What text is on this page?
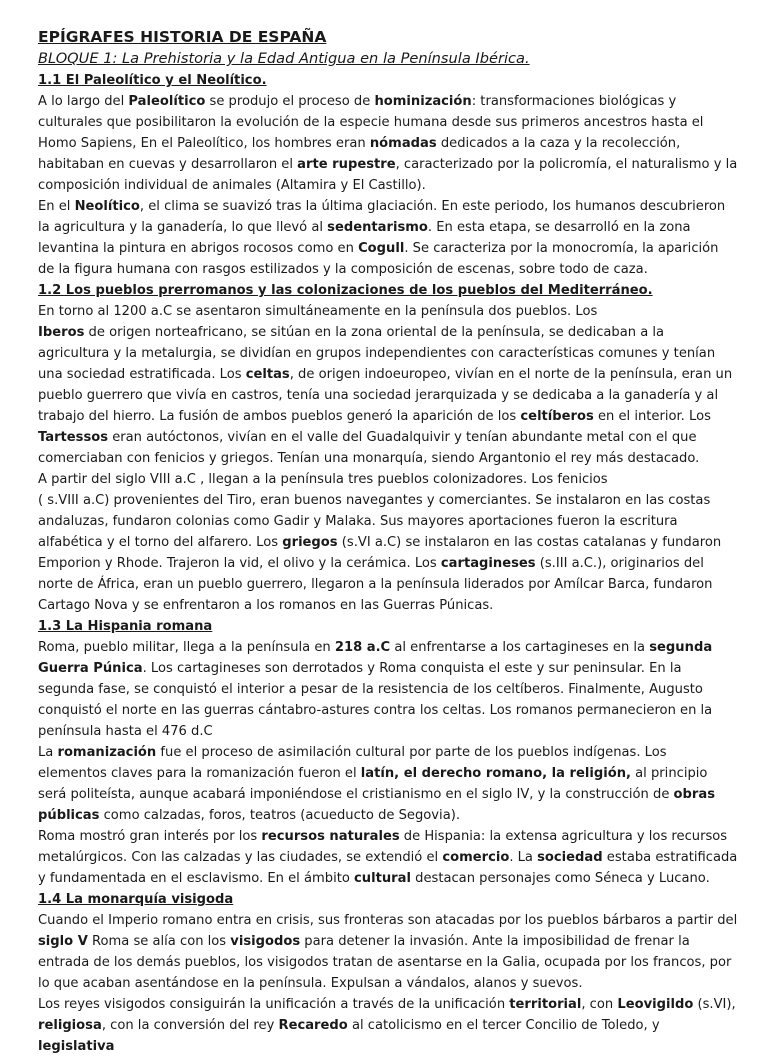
EPÍGRAFES HISTORIA DE ESPAÑA

BLOQUE 1: La Prehistoria y la Edad Antigua en la Península Ibérica.

1.1 El Paleolítico y el Neolítico.

A lo largo del Paleolítico se produjo el proceso de hominización: transformaciones biológicas y culturales que posibilitaron la evolución de la especie humana desde sus primeros ancestros hasta el Homo Sapiens, En el Paleolítico, los hombres eran nómadas dedicados a la caza y la recolección, habitaban en cuevas y desarrollaron el arte rupestre, caracterizado por la policromía, el naturalismo y la composición individual de animales (Altamira y El Castillo).

En el Neolítico, el clima se suavizó tras la última glaciación. En este periodo, los humanos descubrieron la agricultura y la ganadería, lo que llevó al sedentarismo. En esta etapa, se desarrolló en la zona levantina la pintura en abrigos rocosos como en Cogull. Se caracteriza por la monocromía, la aparición de la figura humana con rasgos estilizados y la composición de escenas, sobre todo de caza.

1.2 Los pueblos prerromanos y las colonizaciones de los pueblos del Mediterráneo.

En torno al 1200 a.C se asentaron simultáneamente en la península dos pueblos. Los

Iberos de origen norteafricano, se sitúan en la zona oriental de la península, se dedicaban a la agricultura y la metalurgia, se dividían en grupos independientes con características comunes y tenían una sociedad estratificada. Los celtas, de origen indoeuropeo, vivían en el norte de la península, eran un pueblo guerrero que vivía en castros, tenía una sociedad jerarquizada y se dedicaba a la ganadería y al trabajo del hierro. La fusión de ambos pueblos generó la aparición de los celtíberos en el interior. Los Tartessos eran autóctonos, vivían en el valle del Guadalquivir y tenían abundante metal con el que comerciaban con fenicios y griegos. Tenían una monarquía, siendo Argantonio el rey más destacado.

A partir del siglo VIII a.C , llegan a la península tres pueblos colonizadores. Los fenicios

( s.VIII a.C) provenientes del Tiro, eran buenos navegantes y comerciantes. Se instalaron en las costas andaluzas, fundaron colonias como Gadir y Malaka. Sus mayores aportaciones fueron la escritura alfabética y el torno del alfarero. Los griegos (s.VI a.C) se instalaron en las costas catalanas y fundaron Emporion y Rhode. Trajeron la vid, el olivo y la cerámica. Los cartagineses (s.III a.C.), originarios del norte de África, eran un pueblo guerrero, llegaron a la península liderados por Amílcar Barca, fundaron Cartago Nova y se enfrentaron a los romanos en las Guerras Púnicas.

1.3 La Hispania romana

Roma, pueblo militar, llega a la península en 218 a.C al enfrentarse a los cartagineses en la segunda Guerra Púnica. Los cartagineses son derrotados y Roma conquista el este y sur peninsular. En la segunda fase, se conquistó el interior a pesar de la resistencia de los celtíberos. Finalmente, Augusto conquistó el norte en las guerras cántabro-astures contra los celtas. Los romanos permanecieron en la península hasta el 476 d.C

La romanización fue el proceso de asimilación cultural por parte de los pueblos indígenas. Los elementos claves para la romanización fueron el latín, el derecho romano, la religión, al principio será politeísta, aunque acabará imponiéndose el cristianismo en el siglo IV, y la construcción de obras públicas como calzadas, foros, teatros (acueducto de Segovia).

Roma mostró gran interés por los recursos naturales de Hispania: la extensa agricultura y los recursos metalúrgicos. Con las calzadas y las ciudades, se extendió el comercio. La sociedad estaba estratificada y fundamentada en el esclavismo. En el ámbito cultural destacan personajes como Séneca y Lucano.

1.4 La monarquía visigoda

Cuando el Imperio romano entra en crisis, sus fronteras son atacadas por los pueblos bárbaros a partir del siglo V Roma se alía con los visigodos para detener la invasión. Ante la imposibilidad de frenar la entrada de los demás pueblos, los visigodos tratan de asentarse en la Galia, ocupada por los francos, por lo que acaban asentándose en la península. Expulsan a vándalos, alanos y suevos.

Los reyes visigodos consiguirán la unificación a través de la unificación territorial, con Leovigildo (s.VI), religiosa, con la conversión del rey Recaredo al catolicismo en el tercer Concilio de Toledo, y legislativa
